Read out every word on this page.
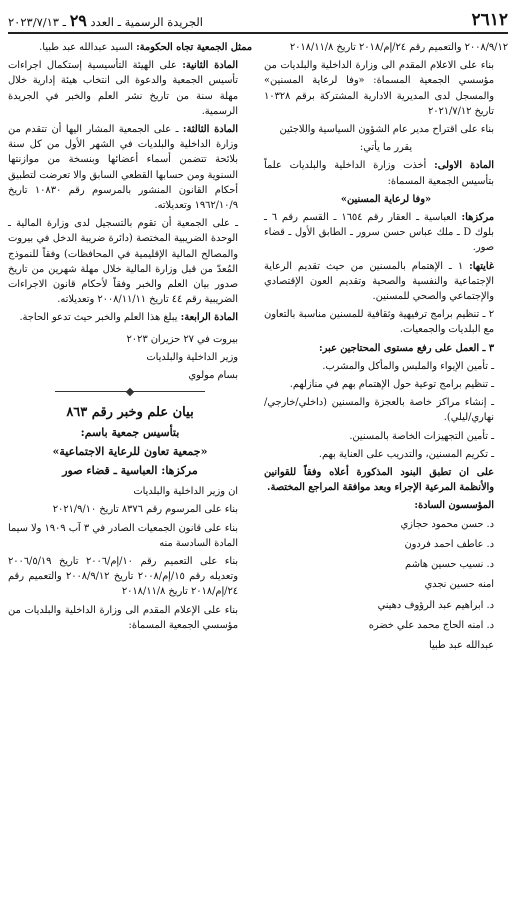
٢٦١٢
الجريدة الرسمية ـ العدد ٢٩ ـ ٢٠٢٣/٧/١٣

٢٠٠٨/٩/١٢ والتعميم رقم ٢٤/إم/٢٠١٨ تاريخ ٢٠١٨/١١/٨

بناء على الاعلام المقدم الى وزارة الداخلية والبلديات من مؤسسي الجمعية المسماة: «وفا لرعاية المسنين» والمسجل لدى المديرية الادارية المشتركة برقم ١٠٣٢٨ تاريخ ٢٠٢١/٧/١٢

بناء على اقتراح مدير عام الشؤون السياسية واللاجئين

يقرر ما يأتي:

المادة الاولى: أخذت وزارة الداخلية والبلديات علماً بتأسيس الجمعية المسماة:

«وفا لرعاية المسنين»

مركزها: العباسية ـ العقار رقم ١٦٥٤ ـ القسم رقم ٦ ـ بلوك D ـ ملك عباس حسن سرور ـ الطابق الأول ـ قضاء صور.

غايتها: ١ ـ الإهتمام بالمسنين من حيث تقديم الرعاية الإجتماعية والنفسية والصحية وتقديم العون الإقتصادي والإجتماعي والصحي للمسنين.

٢ ـ تنظيم برامج ترفيهية وثقافية للمسنين مناسبة بالتعاون مع البلديات والجمعيات.

٣ ـ العمل على رفع مستوى المحتاجين عبر:

ـ تأمين الإيواء والملبس والمأكل والمشرب.

ـ تنظيم برامج توعية حول الإهتمام بهم في منازلهم.

ـ إنشاء مراكز خاصة بالعجزة والمسنين (داخلي/خارجي/نهاري/ليلي).

ـ تأمين التجهيزات الخاصة بالمسنين.

ـ تكريم المسنين، والتدريب على العناية بهم.

على ان تطبق البنود المذكورة أعلاه وفقاً للقوانين والأنظمة المرعية الإجراء وبعد موافقة المراجع المختصة.

المؤسسون السادة:

د. حسن محمود حجازي

د. عاطف احمد فردون

د. نسيب حسين هاشم

امنه حسين نجدي

د. ابراهيم عبد الرؤوف دهيني

د. امنه الحاج محمد علي خضره

عبدالله عبد طبيا

ممثل الجمعية تجاه الحكومة: السيد عبدالله عبد طبيا.

المادة الثانية: على الهيئة التأسيسية إستكمال اجراءات تأسيس الجمعية والدعوة الى انتخاب هيئة إدارية خلال مهلة سنة من تاريخ نشر العلم والخبر في الجريدة الرسمية.

المادة الثالثة: ـ على الجمعية المشار اليها أن تتقدم من وزارة الداخلية والبلديات في الشهر الأول من كل سنة بلائحة تتضمن أسماء أعضائها وبنسخة من موازنتها السنوية ومن حسابها القطعي السابق والا تعرضت لتطبيق أحكام القانون المنشور بالمرسوم رقم ١٠٨٣٠ تاريخ ١٩٦٢/١٠/٩ وتعديلاته.

ـ على الجمعية أن تقوم بالتسجيل لدى وزارة المالية ـ الوحدة الضريبية المختصة (دائرة ضريبة الدخل في بيروت والمصالح المالية الإقليمية في المحافظات) وفقاً للنموذج المُعدّ من قبل وزارة المالية خلال مهلة شهرين من تاريخ صدور بيان العلم والخبر وفقاً لأحكام قانون الاجراءات الضريبية رقم ٤٤ تاريخ ٢٠٠٨/١١/١١ وتعديلاته.

المادة الرابعة: يبلغ هذا العلم والخبر حيث تدعو الحاجة.

بيروت في ٢٧ حزيران ٢٠٢٣

وزير الداخلية والبلديات

بسام مولوي

بيان علم وخبر رقم ٨٦٣

بتأسيس جمعية باسم:

«جمعية تعاون للرعاية الاجتماعية»

مركزها: العباسية ـ قضاء صور

ان وزير الداخلية والبلديات

بناء على المرسوم رقم ٨٣٧٦ تاريخ ٢٠٢١/٩/١٠

بناء على قانون الجمعيات الصادر في ٣ آب ١٩٠٩ ولا سيما المادة السادسة منه

بناء على التعميم رقم ١٠/إم/٢٠٠٦ تاريخ ٢٠٠٦/٥/١٩ وتعديله رقم ١٥/إم/٢٠٠٨ تاريخ ٢٠٠٨/٩/١٢ والتعميم رقم ٢٤/إم/٢٠١٨ تاريخ ٢٠١٨/١١/٨

بناء على الإعلام المقدم الى وزارة الداخلية والبلديات من مؤسسي الجمعية المسماة:
